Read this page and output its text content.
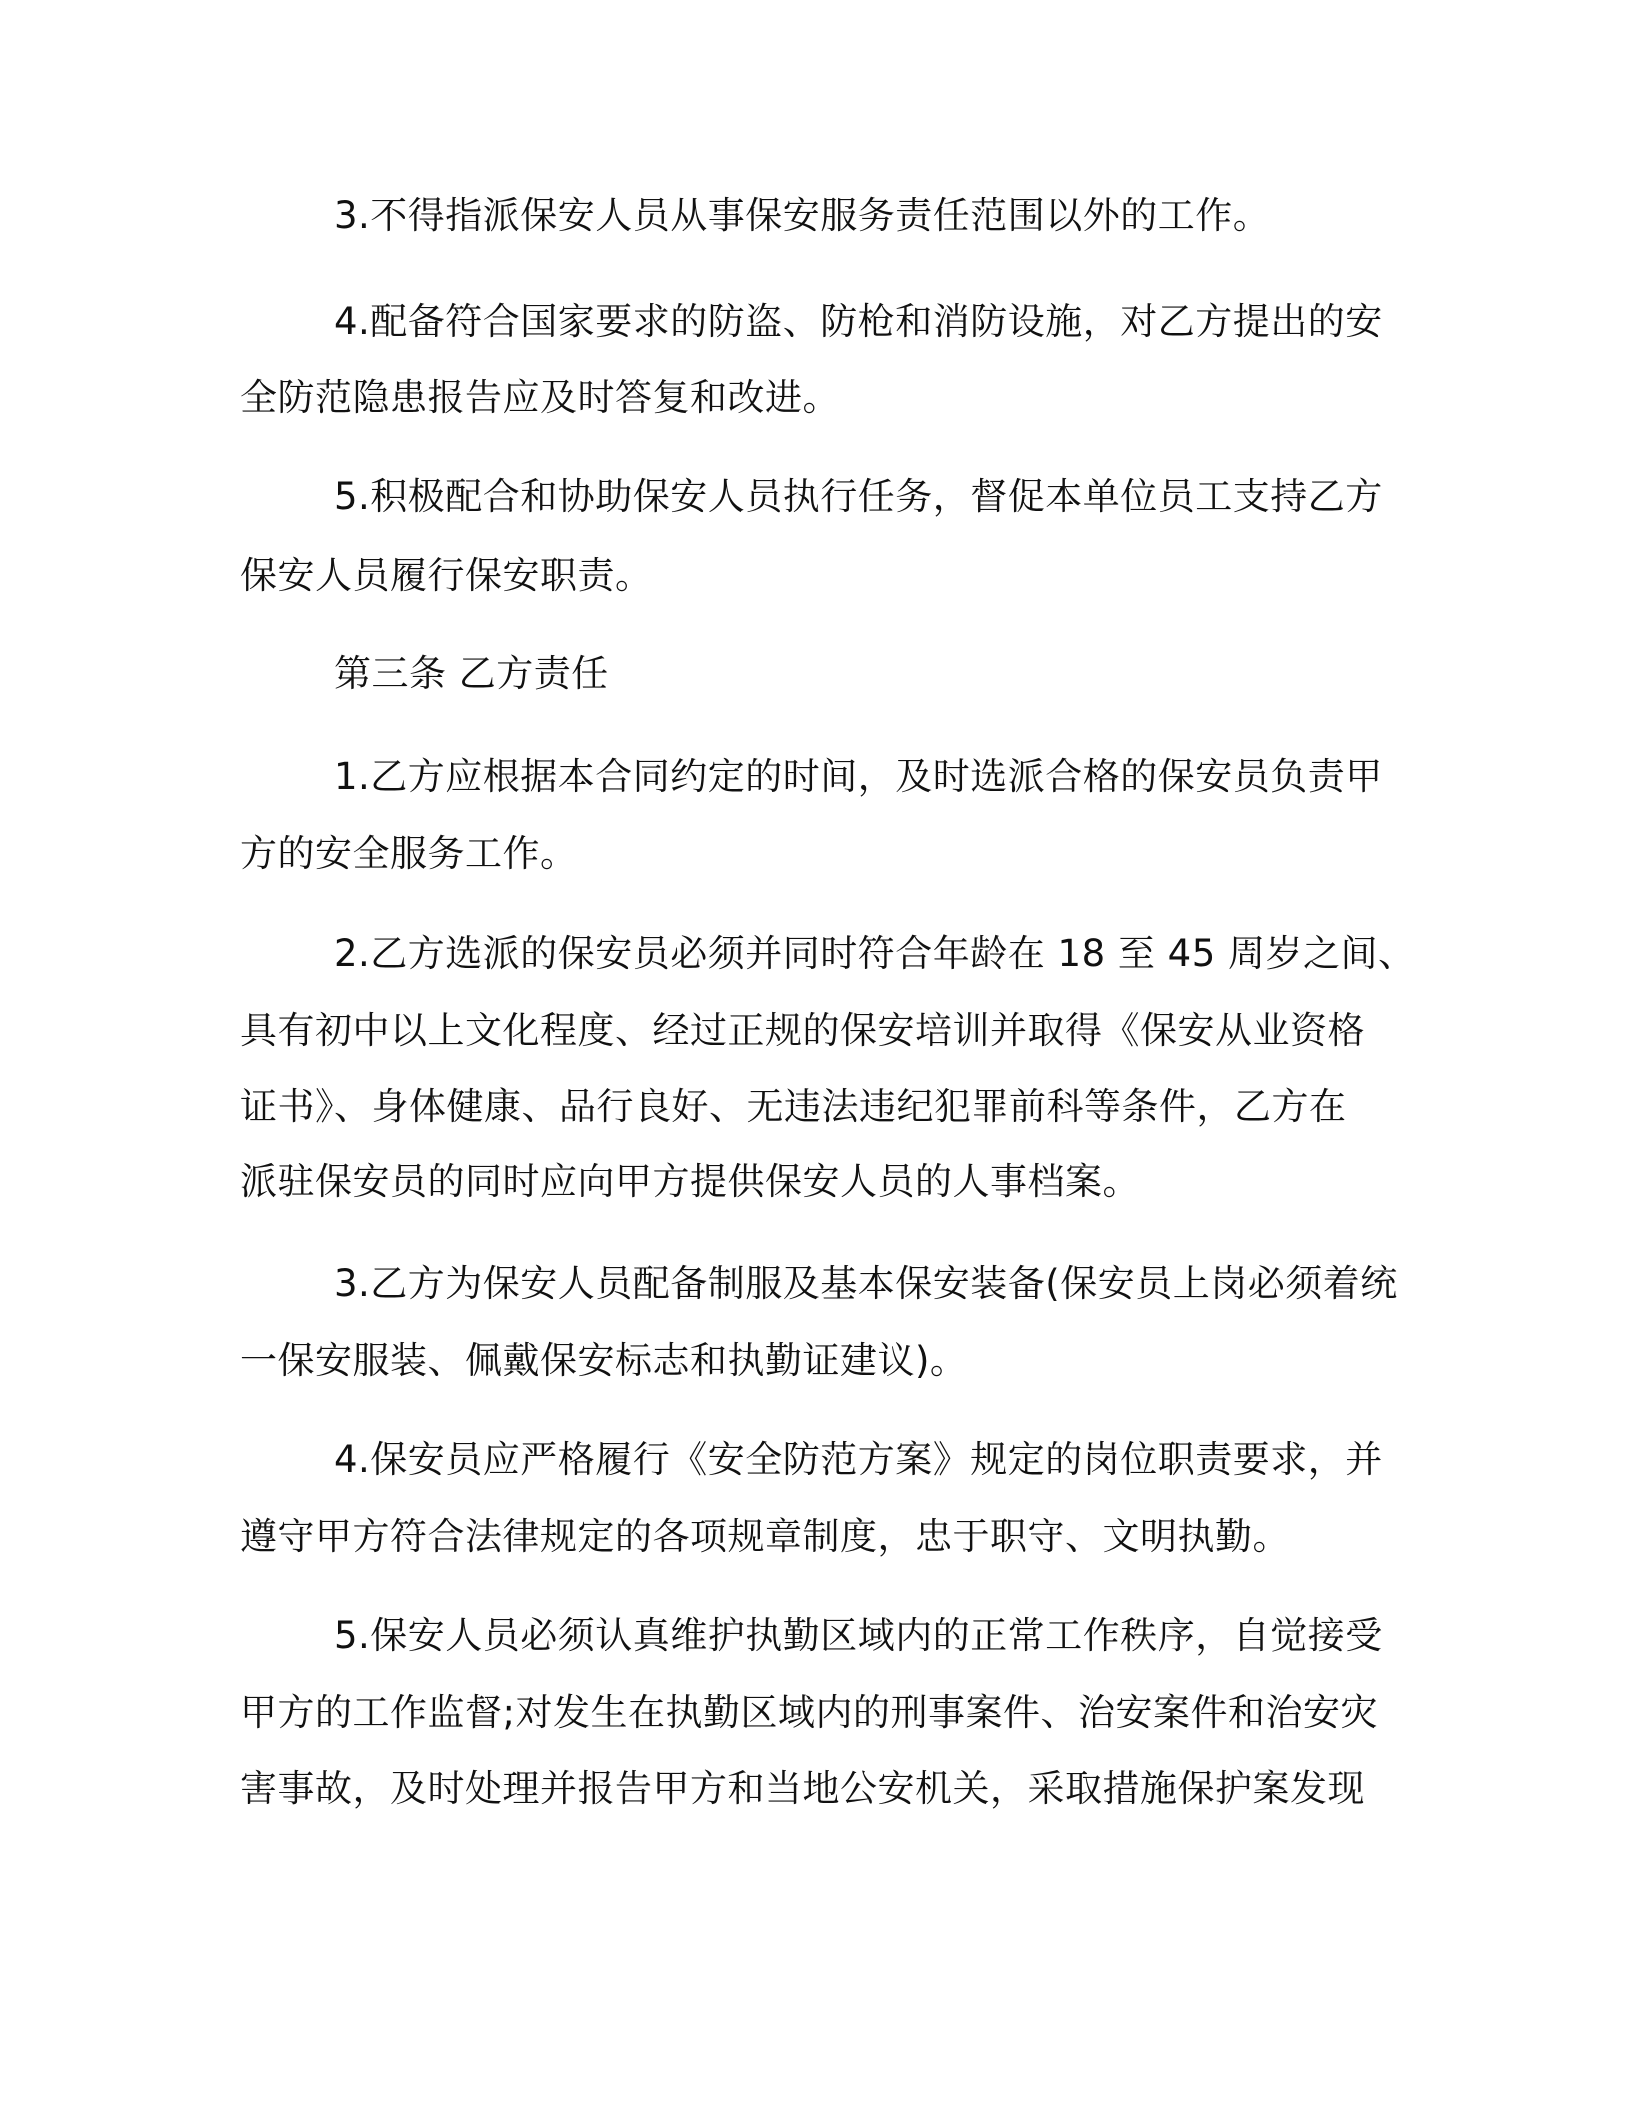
3.不得指派保安人员从事保安服务责任范围以外的工作。
4.配备符合国家要求的防盗、防枪和消防设施，对乙方提出的安
全防范隐患报告应及时答复和改进。
5.积极配合和协助保安人员执行任务，督促本单位员工支持乙方
保安人员履行保安职责。
第三条 乙方责任
1.乙方应根据本合同约定的时间，及时选派合格的保安员负责甲
方的安全服务工作。
2.乙方选派的保安员必须并同时符合年龄在 18 至 45 周岁之间、
具有初中以上文化程度、经过正规的保安培训并取得《保安从业资格
证书》、身体健康、品行良好、无违法违纪犯罪前科等条件，乙方在
派驻保安员的同时应向甲方提供保安人员的人事档案。
3.乙方为保安人员配备制服及基本保安装备(保安员上岗必须着统
一保安服装、佩戴保安标志和执勤证建议)。
4.保安员应严格履行《安全防范方案》规定的岗位职责要求，并
遵守甲方符合法律规定的各项规章制度，忠于职守、文明执勤。
5.保安人员必须认真维护执勤区域内的正常工作秩序，自觉接受
甲方的工作监督;对发生在执勤区域内的刑事案件、治安案件和治安灾
害事故，及时处理并报告甲方和当地公安机关，采取措施保护案发现
